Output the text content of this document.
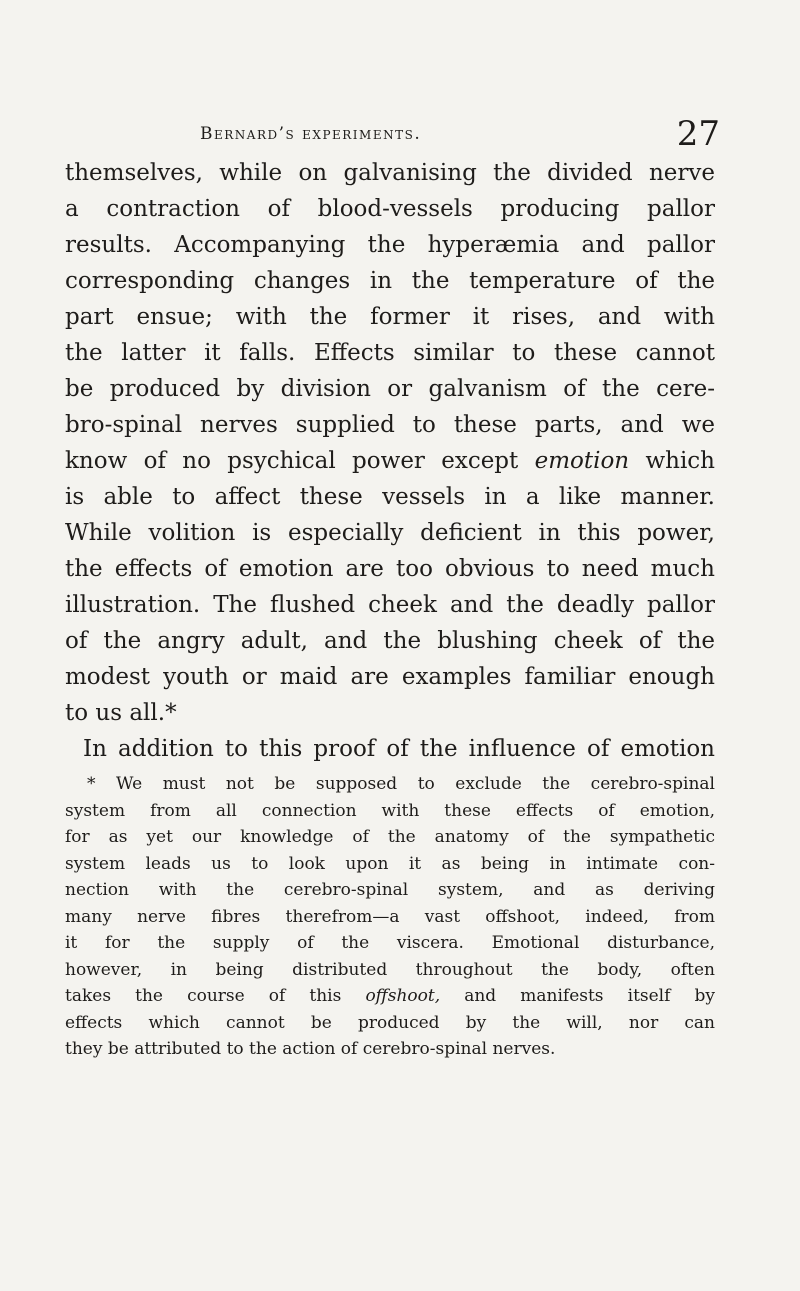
Bernard’s experiments.	27
themselves, while on galvanising the divided nerve
a contraction of blood-vessels producing pallor
results. Accompanying the hyperæmia and pallor
corresponding changes in the temperature of the
part ensue; with the former it rises, and with
the latter it falls. Effects similar to these cannot
be produced by division or galvanism of the cere-
bro-spinal nerves supplied to these parts, and we
know of no psychical power except emotion which
is able to affect these vessels in a like manner.
While volition is especially deficient in this power,
the effects of emotion are too obvious to need much
illustration. The flushed cheek and the deadly pallor
of the angry adult, and the blushing cheek of the
modest youth or maid are examples familiar enough
to us all.*
In addition to this proof of the influence of emotion
* We must not be supposed to exclude the cerebro-spinal
system from all connection with these effects of emotion,
for as yet our knowledge of the anatomy of the sympathetic
system leads us to look upon it as being in intimate con-
nection with the cerebro-spinal system, and as deriving
many nerve fibres therefrom—a vast offshoot, indeed, from
it for the supply of the viscera. Emotional disturbance,
however, in being distributed throughout the body, often
takes the course of this offshoot, and manifests itself by
effects which cannot be produced by the will, nor can
they be attributed to the action of cerebro-spinal nerves.
